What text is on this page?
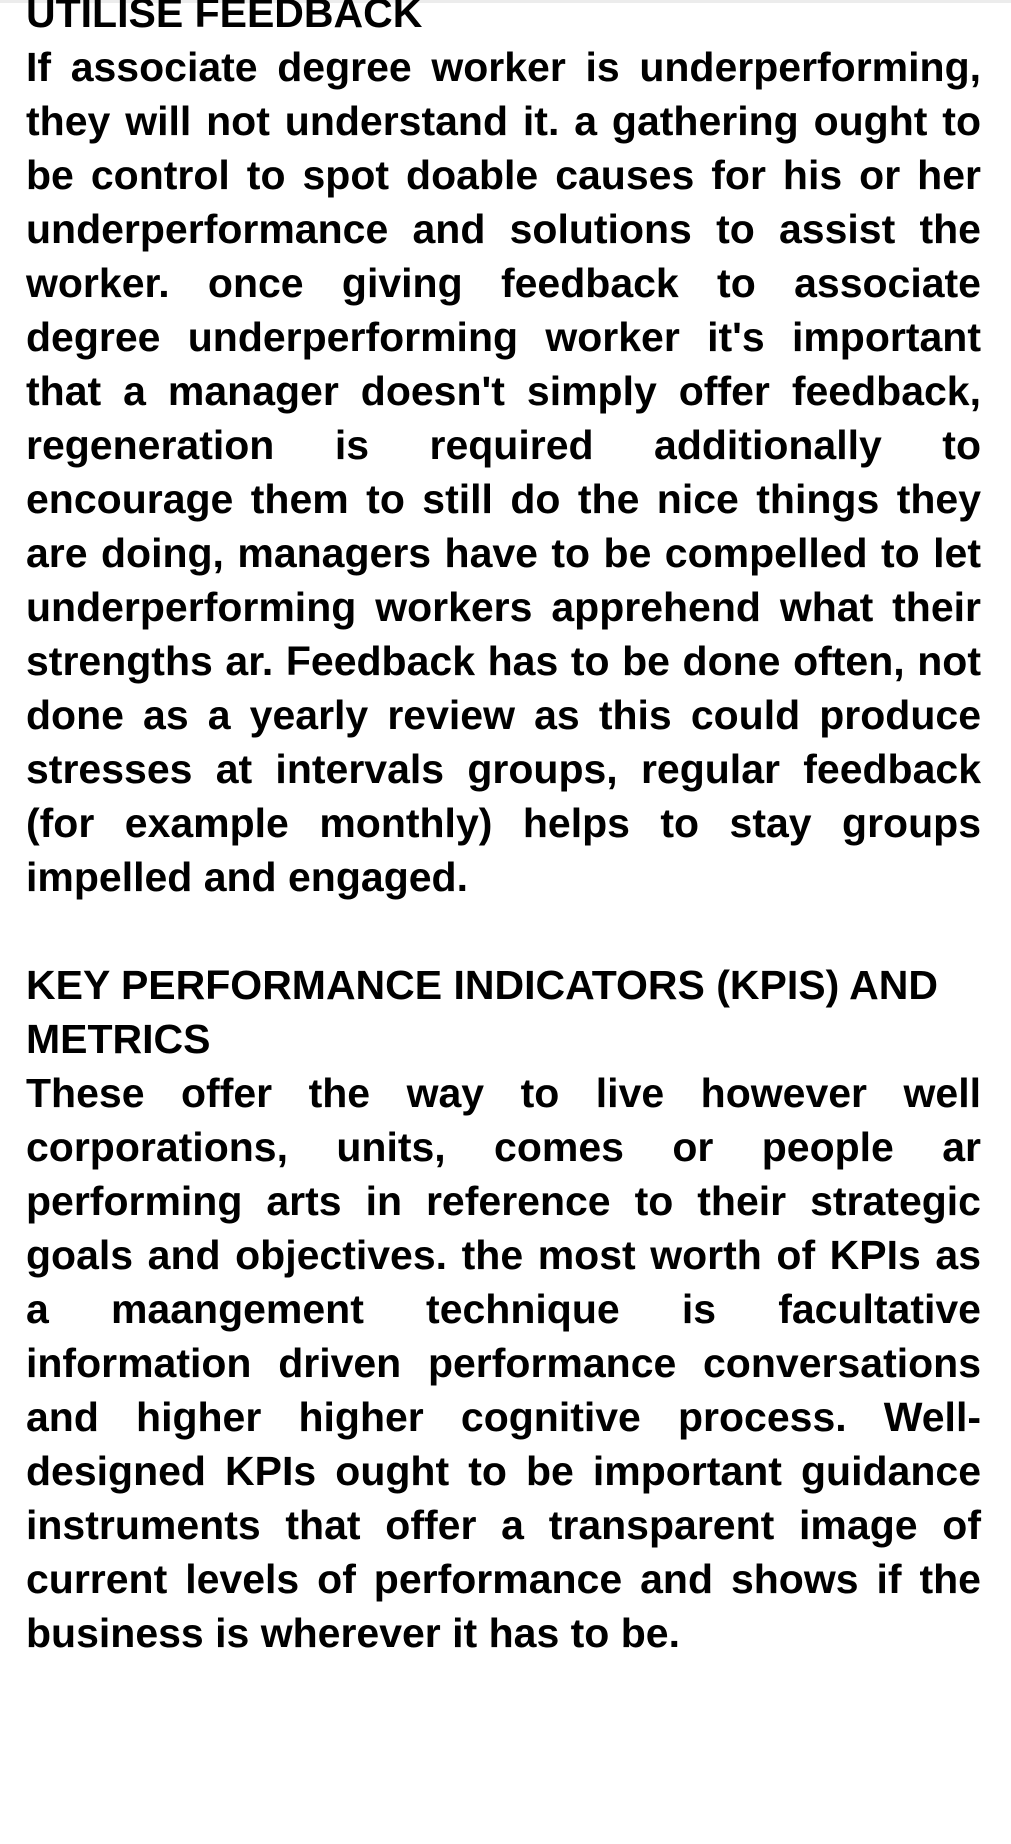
UTILISE FEEDBACK

If associate degree worker is underperforming, they will not understand it. a gathering ought to be control to spot doable causes for his or her underperformance and solutions to assist the worker. once giving feedback to associate degree underperforming worker it's important that a manager doesn't simply offer feedback, regeneration is required additionally to encourage them to still do the nice things they are doing, managers have to be compelled to let underperforming workers apprehend what their strengths ar. Feedback has to be done often, not done as a yearly review as this could produce stresses at intervals groups, regular feedback (for example monthly) helps to stay groups impelled and engaged.

KEY PERFORMANCE INDICATORS (KPIS) AND METRICS

These offer the way to live however well corporations, units, comes or people ar performing arts in reference to their strategic goals and objectives. the most worth of KPIs as a maangement technique is facultative information driven performance conversations and higher higher cognitive process. Well-designed KPIs ought to be important guidance instruments that offer a transparent image of current levels of performance and shows if the business is wherever it has to be.
